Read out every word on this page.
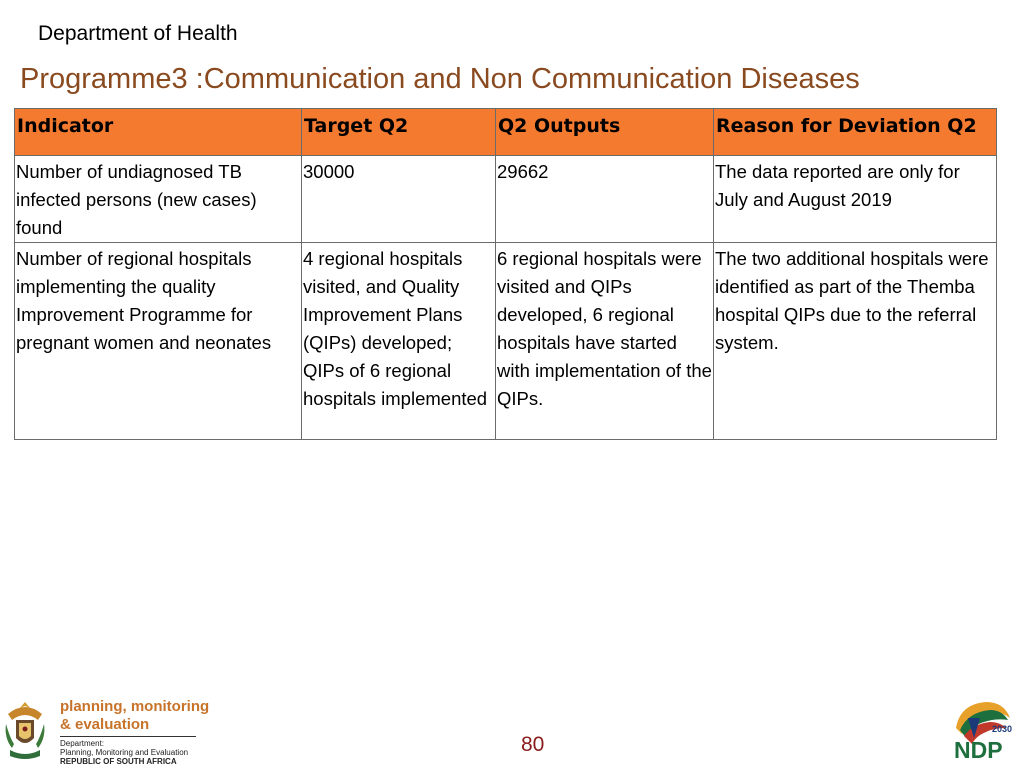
Department of Health
Programme3 :Communication and Non Communication Diseases
Indicator	Target Q2	Q2 Outputs	Reason for Deviation Q2
Number of undiagnosed TB infected persons (new cases) found	30000	29662	The data reported are only for July and August 2019
Number of regional hospitals implementing the quality Improvement Programme for pregnant women and neonates	4 regional hospitals visited, and Quality Improvement Plans (QIPs) developed; QIPs of 6 regional hospitals implemented	6 regional hospitals were visited and QIPs developed, 6 regional hospitals have started with implementation of the QIPs.	The two additional hospitals were identified as part of the Themba hospital QIPs due to the referral system.
planning, monitoring
& evaluation
Department:
Planning, Monitoring and Evaluation
REPUBLIC OF SOUTH AFRICA
80
2030
NDP
